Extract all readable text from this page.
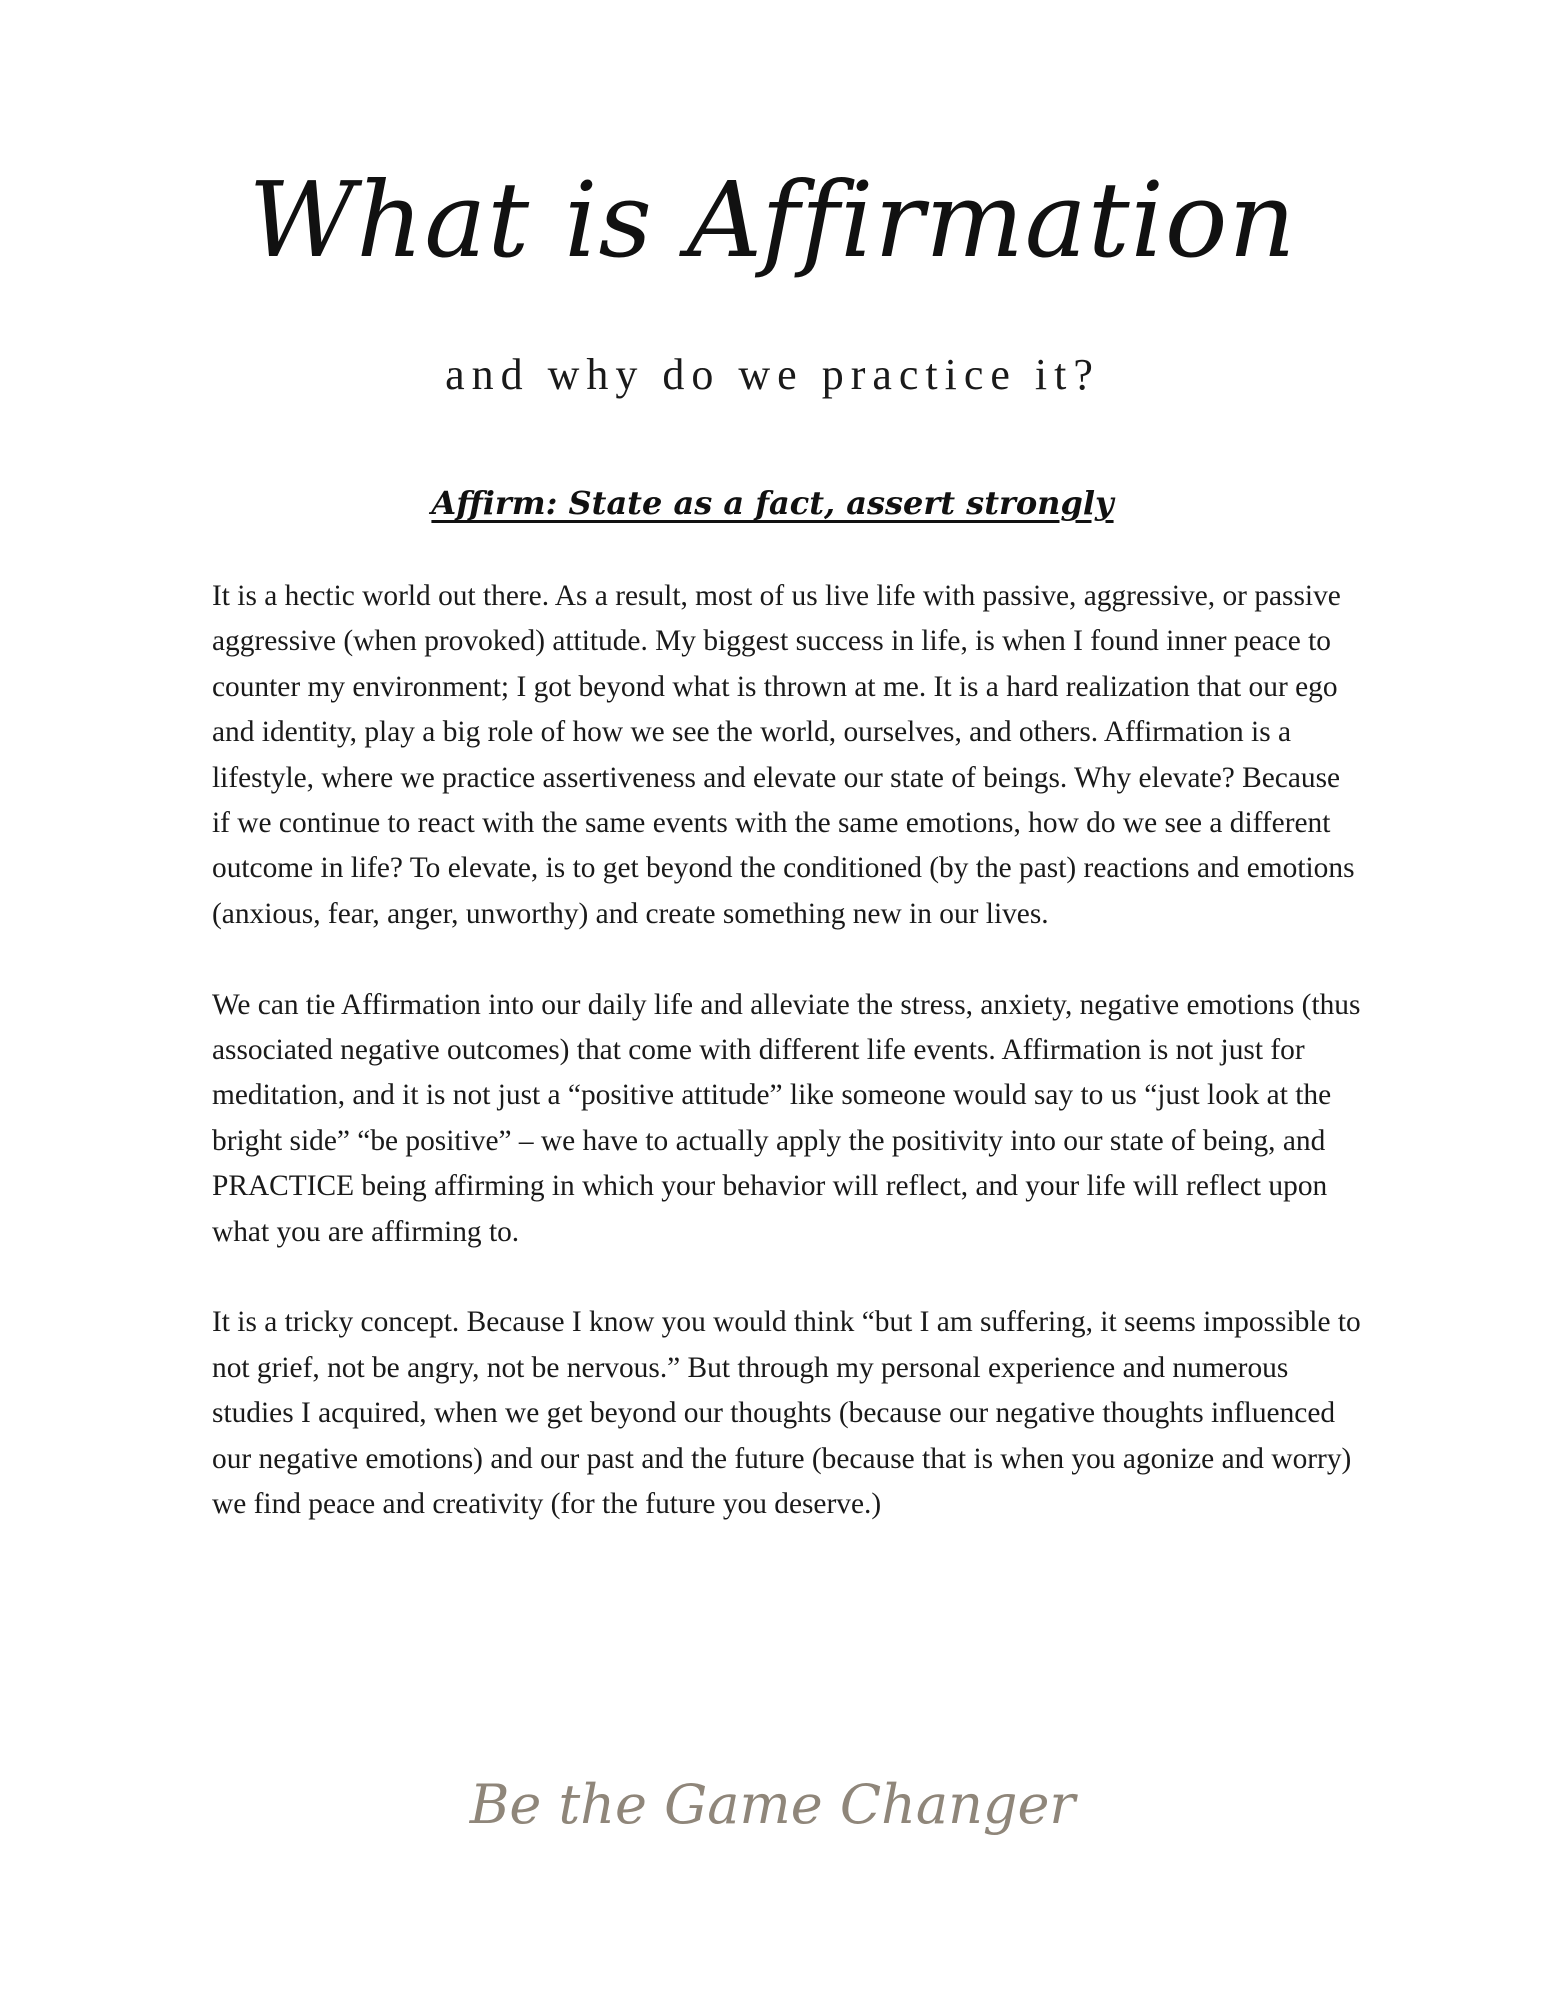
What is Affirmation
and why do we practice it?
Affirm: State as a fact, assert strongly

It is a hectic world out there. As a result, most of us live life with passive, aggressive, or passive aggressive (when provoked) attitude. My biggest success in life, is when I found inner peace to counter my environment; I got beyond what is thrown at me. It is a hard realization that our ego and identity, play a big role of how we see the world, ourselves, and others. Affirmation is a lifestyle, where we practice assertiveness and elevate our state of beings. Why elevate? Because if we continue to react with the same events with the same emotions, how do we see a different outcome in life? To elevate, is to get beyond the conditioned (by the past) reactions and emotions (anxious, fear, anger, unworthy) and create something new in our lives.

We can tie Affirmation into our daily life and alleviate the stress, anxiety, negative emotions (thus associated negative outcomes) that come with different life events. Affirmation is not just for meditation, and it is not just a “positive attitude” like someone would say to us “just look at the bright side” “be positive” – we have to actually apply the positivity into our state of being, and PRACTICE being affirming in which your behavior will reflect, and your life will reflect upon what you are affirming to.

It is a tricky concept. Because I know you would think “but I am suffering, it seems impossible to not grief, not be angry, not be nervous.” But through my personal experience and numerous studies I acquired, when we get beyond our thoughts (because our negative thoughts influenced our negative emotions) and our past and the future (because that is when you agonize and worry) we find peace and creativity (for the future you deserve.)

Be the Game Changer
